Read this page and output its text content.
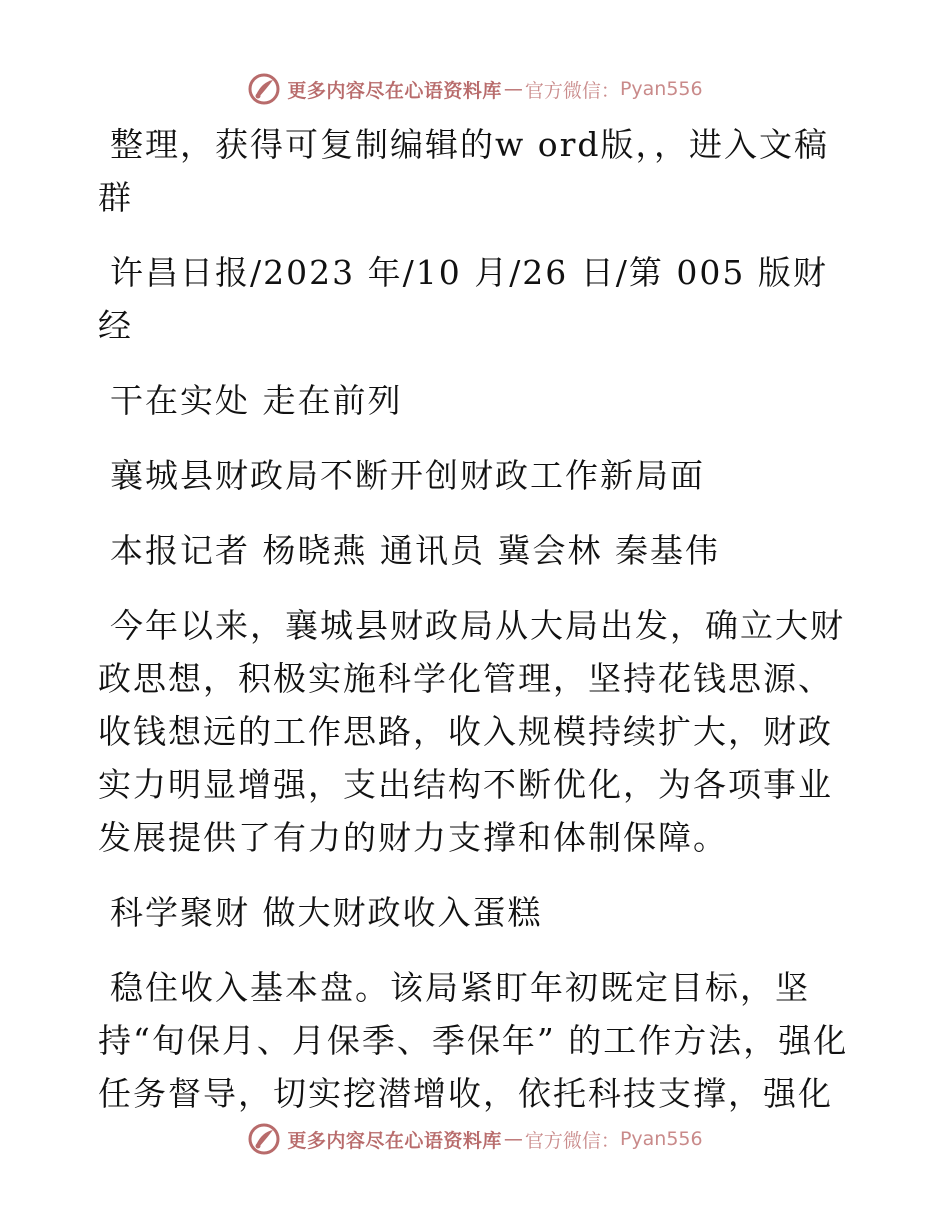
更多内容尽在心语资料库 — 官方微信： Pyan556

整理，获得可复制编辑的w ord版，，进入文稿群

许昌日报/2023 年/10 月/26 日/第 005 版财经

干在实处 走在前列

襄城县财政局不断开创财政工作新局面

本报记者 杨晓燕 通讯员 冀会林 秦基伟

今年以来，襄城县财政局从大局出发，确立大财政思想，积极实施科学化管理，坚持花钱思源、收钱想远的工作思路，收入规模持续扩大，财政实力明显增强，支出结构不断优化，为各项事业发展提供了有力的财力支撑和体制保障。

科学聚财 做大财政收入蛋糕

稳住收入基本盘。该局紧盯年初既定目标，坚持“旬保月、月保季、季保年” 的工作方法，强化任务督导，切实挖潜增收，依托科技支撑，强化

更多内容尽在心语资料库 — 官方微信： Pyan556
